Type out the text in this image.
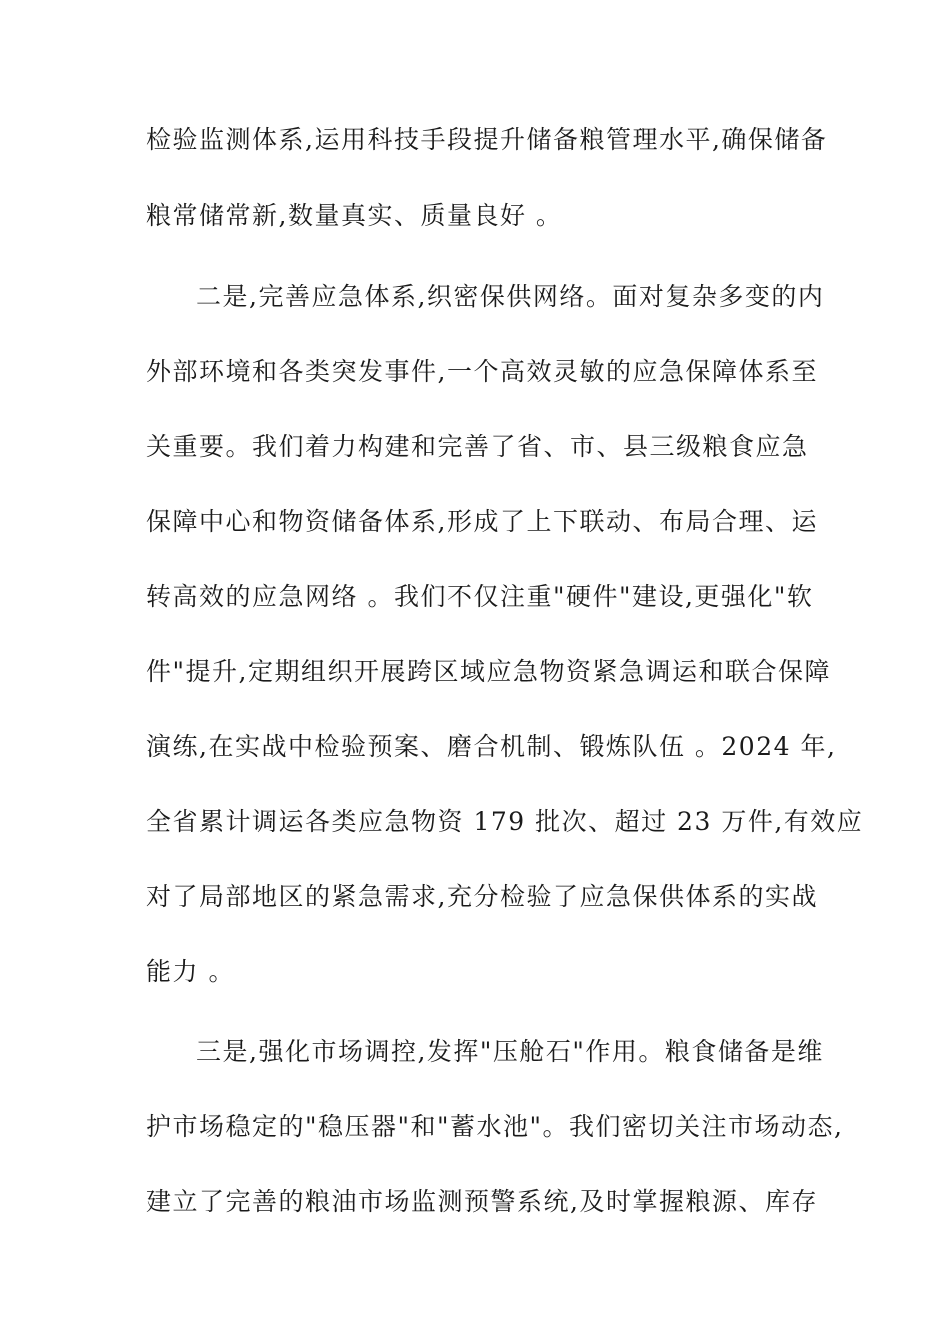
检验监测体系,运用科技手段提升储备粮管理水平,确保储备
粮常储常新,数量真实、质量良好 。
二是,完善应急体系,织密保供网络。面对复杂多变的内
外部环境和各类突发事件,一个高效灵敏的应急保障体系至
关重要。我们着力构建和完善了省、市、县三级粮食应急
保障中心和物资储备体系,形成了上下联动、布局合理、运
转高效的应急网络 。我们不仅注重"硬件"建设,更强化"软
件"提升,定期组织开展跨区域应急物资紧急调运和联合保障
演练,在实战中检验预案、磨合机制、锻炼队伍 。2024 年,
全省累计调运各类应急物资 179 批次、超过 23 万件,有效应
对了局部地区的紧急需求,充分检验了应急保供体系的实战
能力 。
三是,强化市场调控,发挥"压舱石"作用。粮食储备是维
护市场稳定的"稳压器"和"蓄水池"。我们密切关注市场动态,
建立了完善的粮油市场监测预警系统,及时掌握粮源、库存
